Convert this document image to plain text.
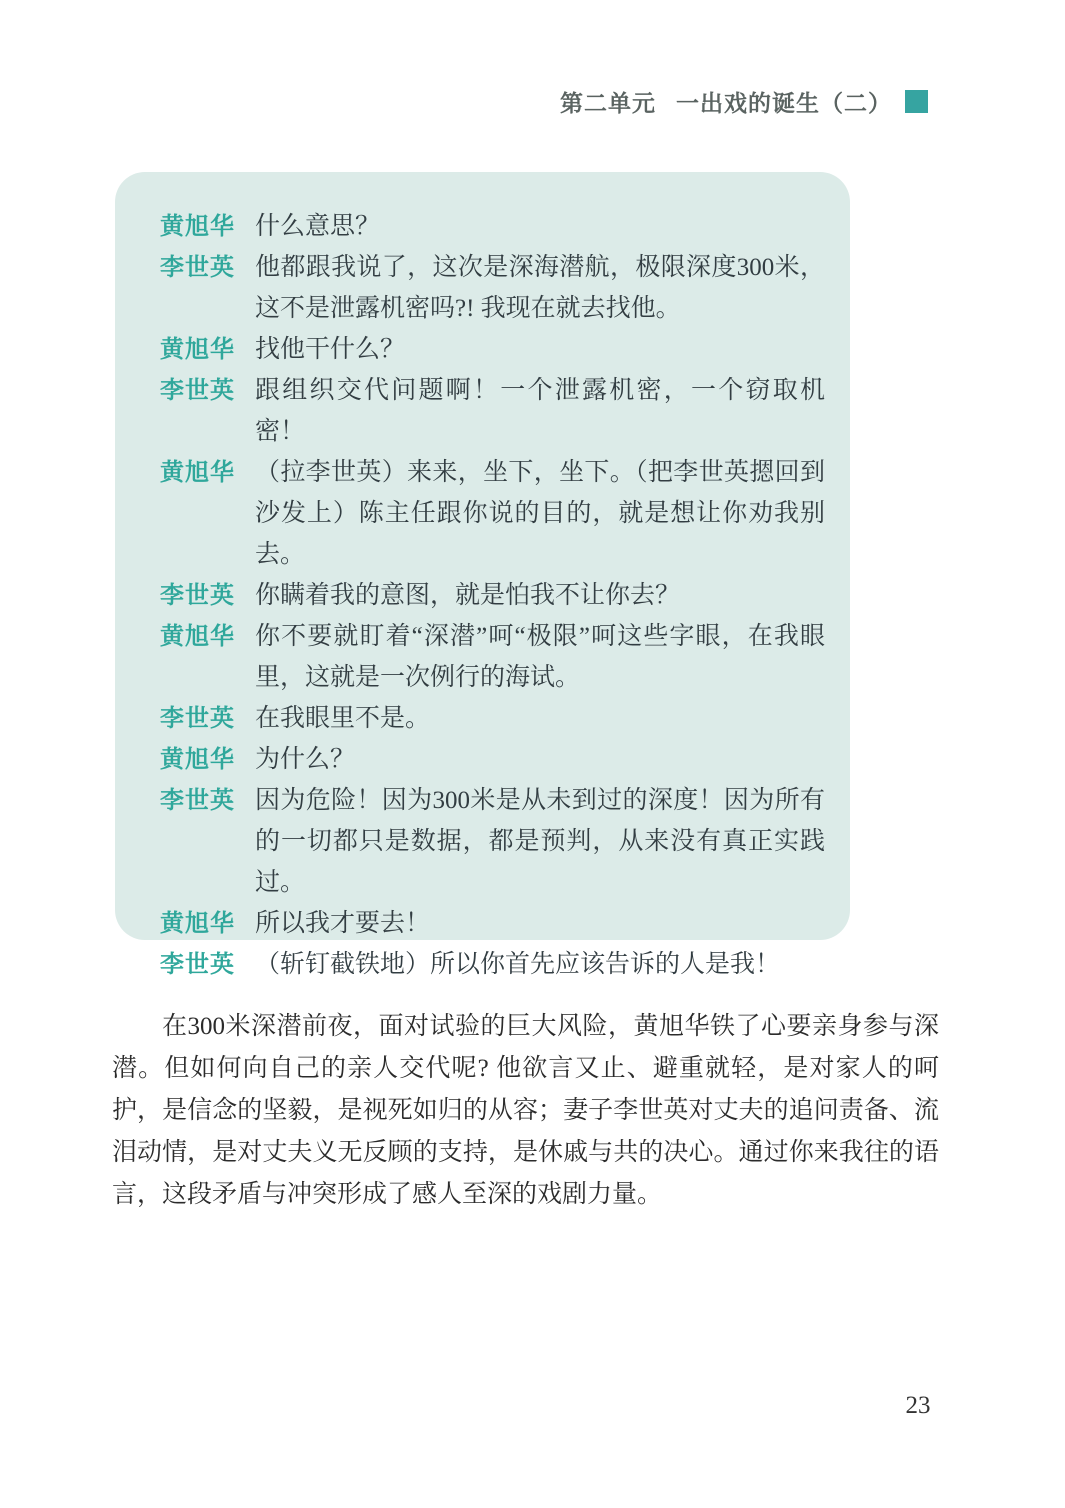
第二单元 一出戏的诞生（二）
黄旭华 什么意思？
李世英 他都跟我说了，这次是深海潜航，极限深度300米，这不是泄露机密吗?! 我现在就去找他。
黄旭华 找他干什么？
李世英 跟组织交代问题啊！一个泄露机密，一个窃取机密！
黄旭华 （拉李世英）来来，坐下，坐下。（把李世英摁回到沙发上）陈主任跟你说的目的，就是想让你劝我别去。
李世英 你瞒着我的意图，就是怕我不让你去？
黄旭华 你不要就盯着“深潜”呵“极限”呵这些字眼，在我眼里，这就是一次例行的海试。
李世英 在我眼里不是。
黄旭华 为什么？
李世英 因为危险！因为300米是从未到过的深度！因为所有的一切都只是数据，都是预判，从来没有真正实践过。
黄旭华 所以我才要去！
李世英 （斩钉截铁地）所以你首先应该告诉的人是我！

在300米深潜前夜，面对试验的巨大风险，黄旭华铁了心要亲身参与深潜。但如何向自己的亲人交代呢? 他欲言又止、避重就轻，是对家人的呵护，是信念的坚毅，是视死如归的从容；妻子李世英对丈夫的追问责备、流泪动情，是对丈夫义无反顾的支持，是休戚与共的决心。通过你来我往的语言，这段矛盾与冲突形成了感人至深的戏剧力量。

23
